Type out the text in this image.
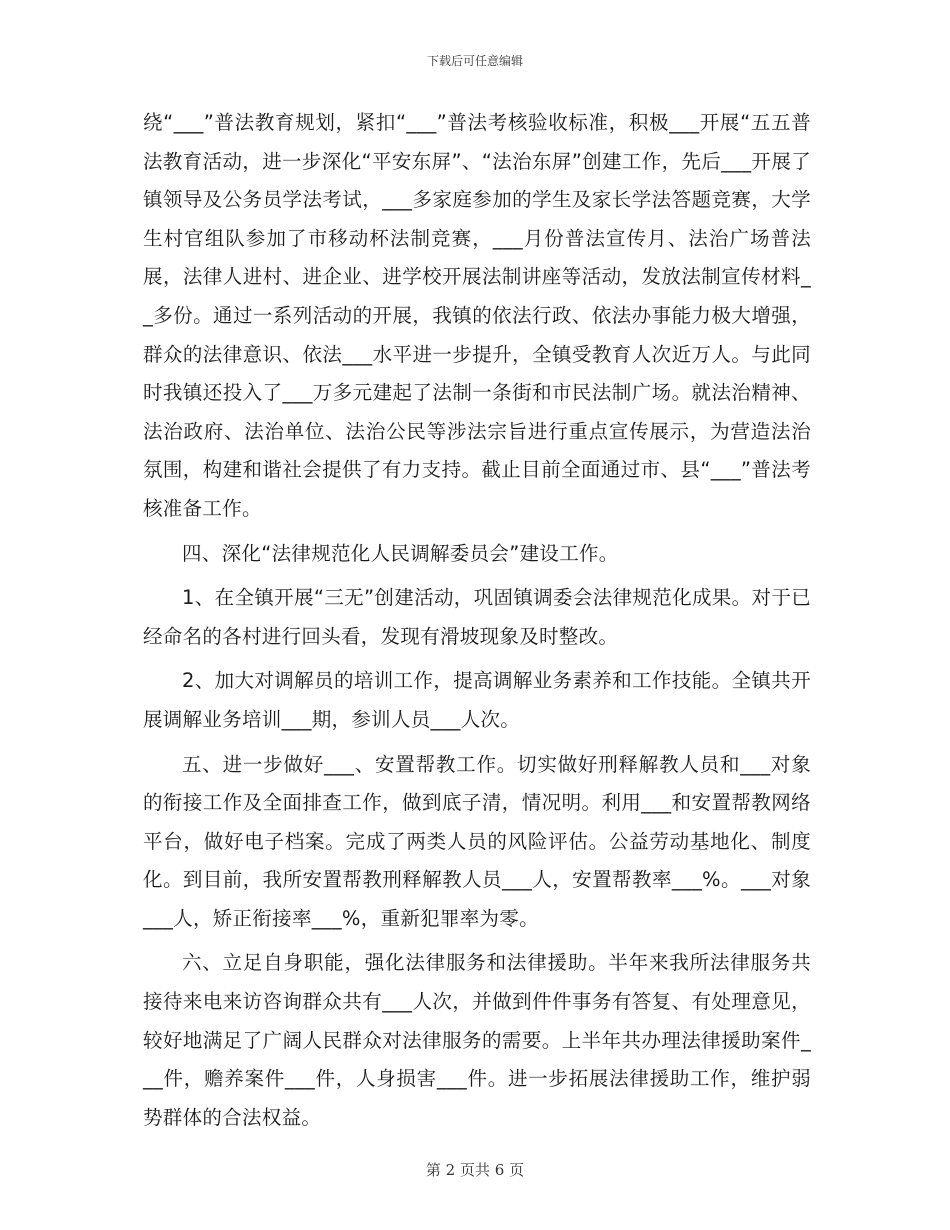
下载后可任意编辑

绕“___”普法教育规划，紧扣“___”普法考核验收标准，积极___开展“五五普法教育活动，进一步深化“平安东屏”、“法治东屏”创建工作，先后___开展了镇领导及公务员学法考试，___多家庭参加的学生及家长学法答题竞赛，大学生村官组队参加了市移动杯法制竞赛，___月份普法宣传月、法治广场普法展，法律人进村、进企业、进学校开展法制讲座等活动，发放法制宣传材料__多份。通过一系列活动的开展，我镇的依法行政、依法办事能力极大增强，群众的法律意识、依法___水平进一步提升，全镇受教育人次近万人。与此同时我镇还投入了___万多元建起了法制一条街和市民法制广场。就法治精神、法治政府、法治单位、法治公民等涉法宗旨进行重点宣传展示，为营造法治氛围，构建和谐社会提供了有力支持。截止目前全面通过市、县“___”普法考核准备工作。

四、深化“法律规范化人民调解委员会”建设工作。

1、在全镇开展“三无”创建活动，巩固镇调委会法律规范化成果。对于已经命名的各村进行回头看，发现有滑坡现象及时整改。

2、加大对调解员的培训工作，提高调解业务素养和工作技能。全镇共开展调解业务培训___期，参训人员___人次。

五、进一步做好___、安置帮教工作。切实做好刑释解教人员和___对象的衔接工作及全面排查工作，做到底子清，情况明。利用___和安置帮教网络平台，做好电子档案。完成了两类人员的风险评估。公益劳动基地化、制度化。到目前，我所安置帮教刑释解教人员___人，安置帮教率___%。___对象___人，矫正衔接率___%，重新犯罪率为零。

六、立足自身职能，强化法律服务和法律援助。半年来我所法律服务共接待来电来访咨询群众共有___人次，并做到件件事务有答复、有处理意见，较好地满足了广阔人民群众对法律服务的需要。上半年共办理法律援助案件___件，赡养案件___件，人身损害___件。进一步拓展法律援助工作，维护弱势群体的合法权益。

第 2 页共 6 页
